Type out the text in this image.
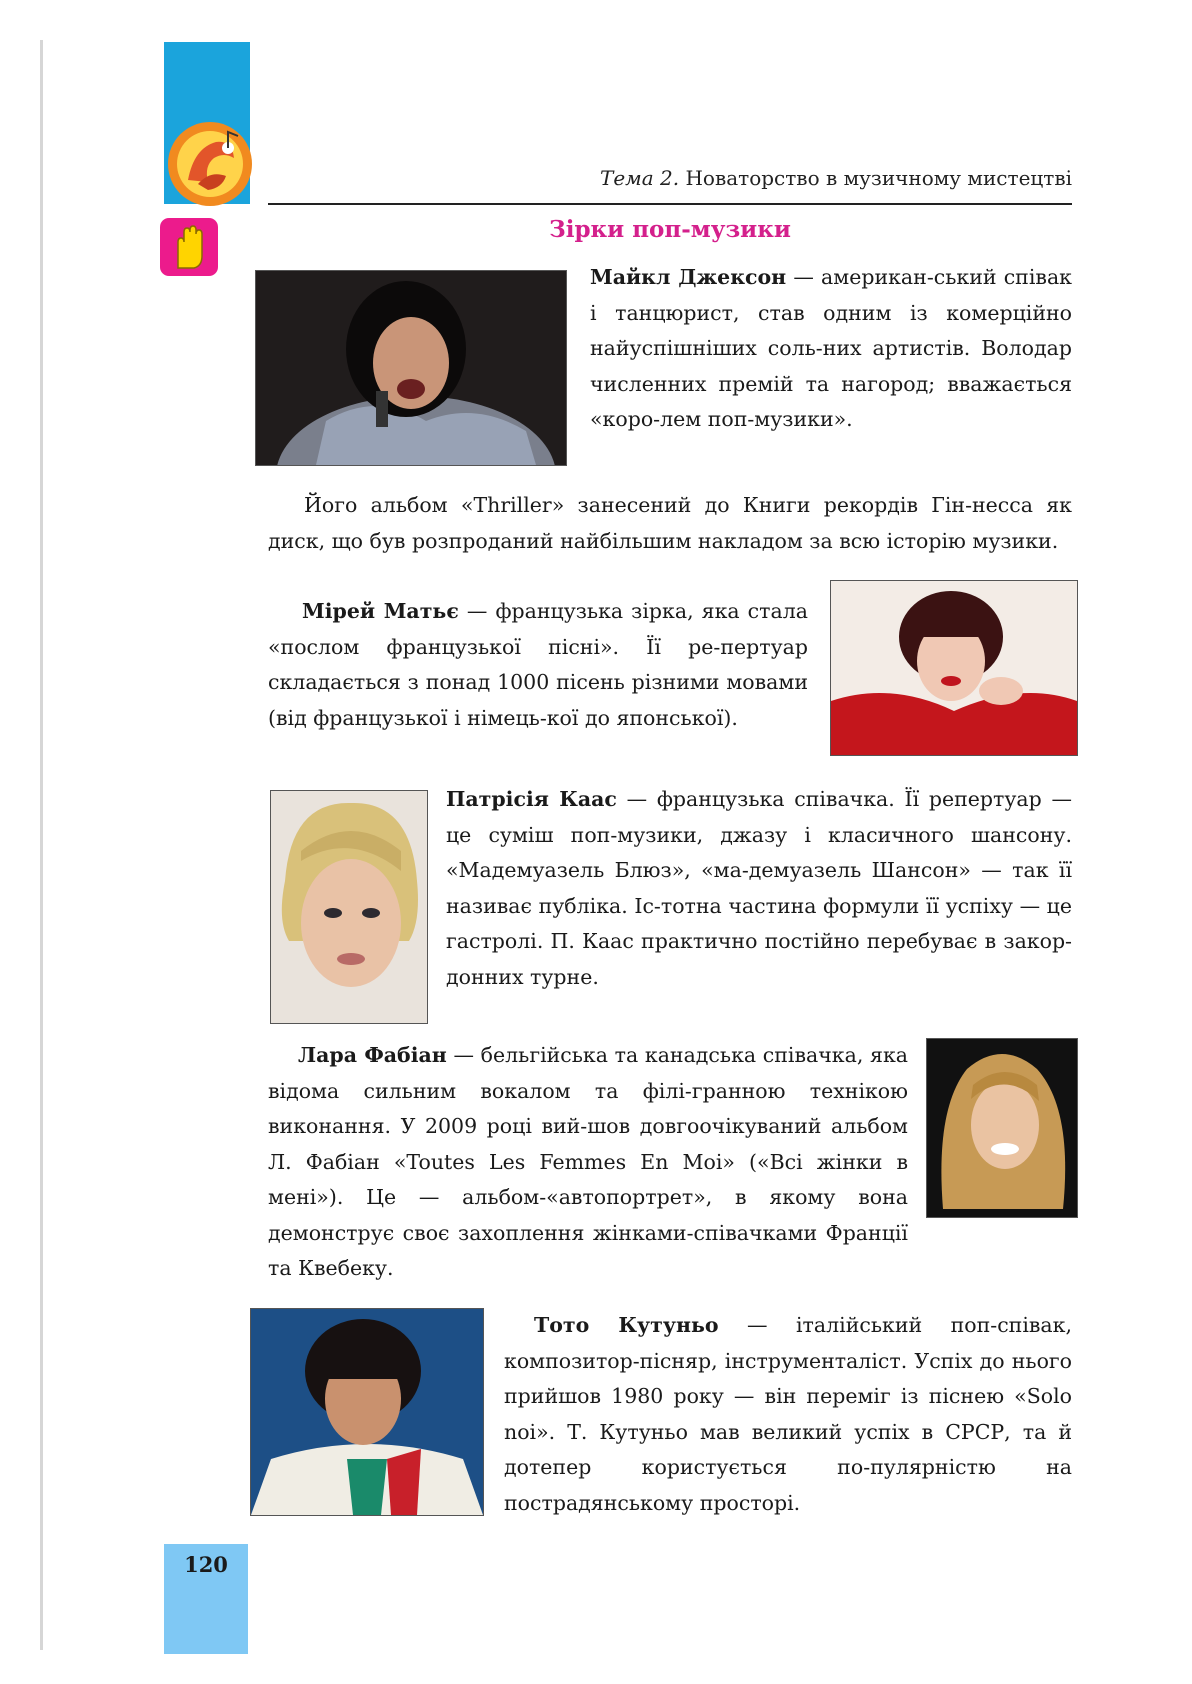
Тема 2. Новаторство в музичному мистецтві
Зірки поп-музики
Майкл Джексон — американ-ський співак і танцюрист, став одним із комерційно найуспішніших соль-них артистів. Володар численних премій та нагород; вважається «коро-лем поп-музики».
Його альбом «Thriller» занесений до Книги рекордів Гін-несса як диск, що був розпроданий найбільшим накладом за всю історію музики.
Мірей Матьє — французька зірка, яка стала «послом французької пісні». Її ре-пертуар складається з понад 1000 пісень різними мовами (від французької і німець-кої до японської).
Патрісія Каас — французька співачка. Її репертуар — це суміш поп-музики, джазу і класичного шансону. «Мадемуазель Блюз», «ма-демуазель Шансон» — так її називає публіка. Іс-тотна частина формули її успіху — це гастролі. П. Каас практично постійно перебуває в закор-донних турне.
Лара Фабіан — бельгійська та канадська співачка, яка відома сильним вокалом та філі-гранною технікою виконання. У 2009 році вий-шов довгоочікуваний альбом Л. Фабіан «Toutes Les Femmes En Moi» («Всі жінки в мені»). Це — альбом-«автопортрет», в якому вона демонструє своє захоплення жінками-співачками Франції та Квебеку.
Тото Кутуньо — італійський поп-співак, композитор-пісняр, інструменталіст. Успіх до нього прийшов 1980 року — він переміг із піснею «Solo noi». Т. Кутуньо мав великий успіх в СРСР, та й дотепер користується по-пулярністю на пострадянському просторі.
120
